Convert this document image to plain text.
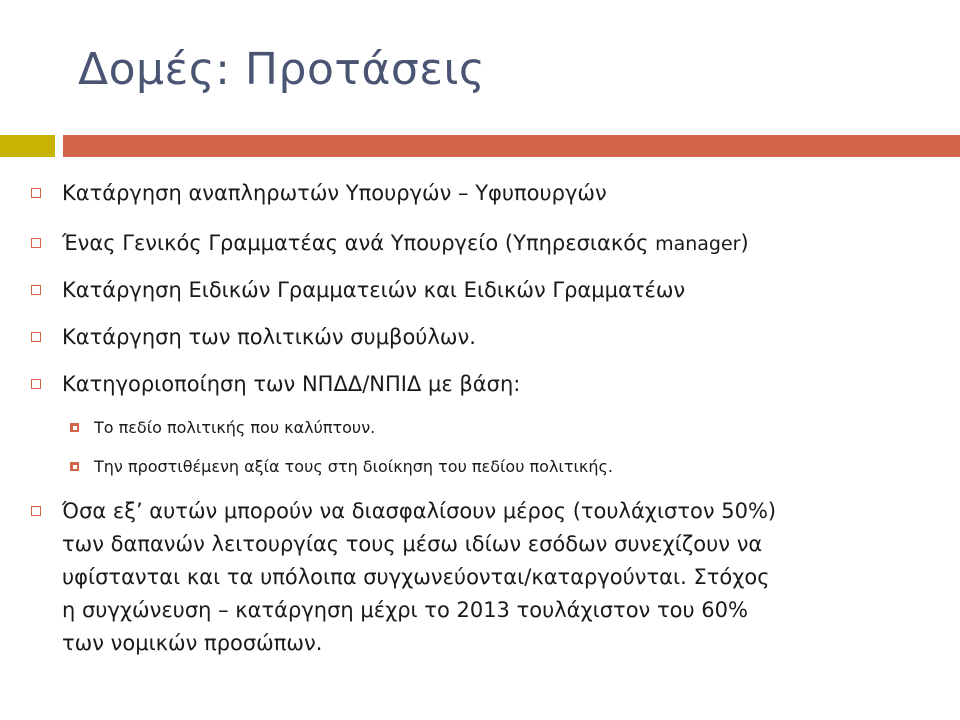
Δομές: Προτάσεις
Κατάργηση αναπληρωτών Υπουργών – Υφυπουργών
Ένας Γενικός Γραμματέας ανά Υπουργείο (Υπηρεσιακός manager)
Κατάργηση Ειδικών Γραμματειών και Ειδικών Γραμματέων
Κατάργηση των πολιτικών συμβούλων.
Κατηγοριοποίηση των ΝΠΔΔ/ΝΠΙΔ με βάση:
Το πεδίο πολιτικής που καλύπτουν.
Την προστιθέμενη αξία τους στη διοίκηση του πεδίου πολιτικής.
Όσα εξ’ αυτών μπορούν να διασφαλίσουν μέρος (τουλάχιστον 50%)
των δαπανών λειτουργίας τους μέσω ιδίων εσόδων συνεχίζουν να
υφίστανται και τα υπόλοιπα συγχωνεύονται/καταργούνται. Στόχος
η συγχώνευση – κατάργηση μέχρι το 2013 τουλάχιστον του 60%
των νομικών προσώπων.
